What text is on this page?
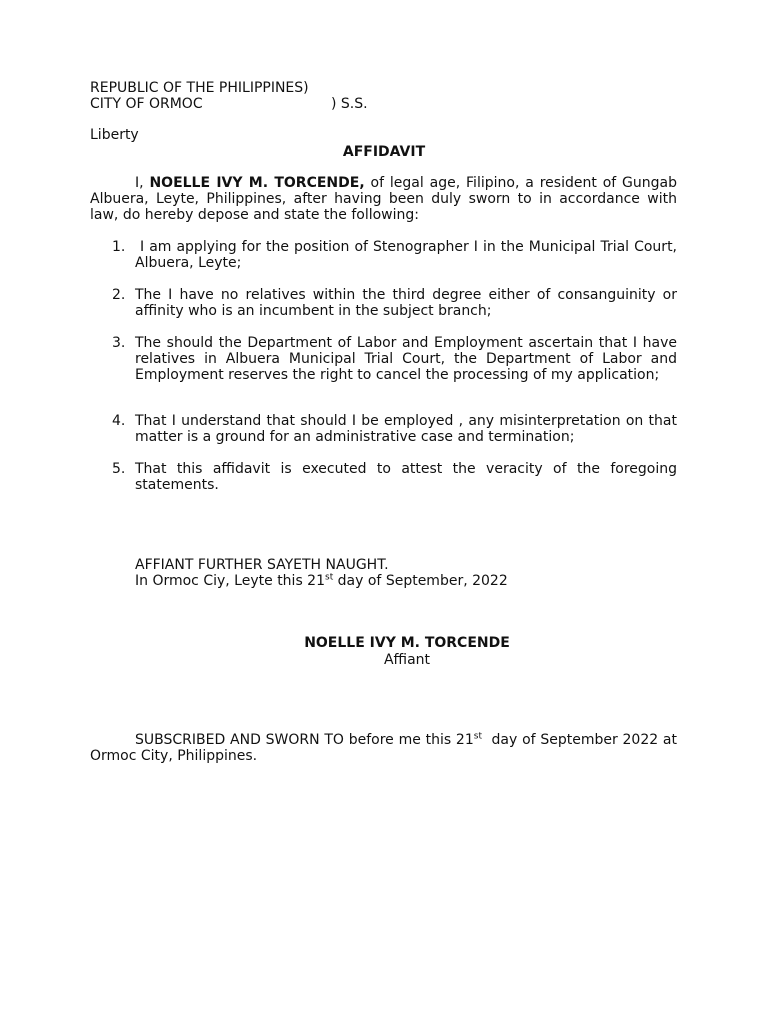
REPUBLIC OF THE PHILIPPINES)
CITY OF ORMOC	) S.S.
Liberty
AFFIDAVIT
I, NOELLE IVY M. TORCENDE, of legal age, Filipino, a resident of Gungab Albuera, Leyte, Philippines, after having been duly sworn to in accordance with law, do hereby depose and state the following:
1. I am applying for the position of Stenographer I in the Municipal Trial Court, Albuera, Leyte;
2. The I have no relatives within the third degree either of consanguinity or affinity who is an incumbent in the subject branch;
3. The should the Department of Labor and Employment ascertain that I have relatives in Albuera Municipal Trial Court, the Department of Labor and Employment reserves the right to cancel the processing of my application;
4. That I understand that should I be employed , any misinterpretation on that matter is a ground for an administrative case and termination;
5. That this affidavit is executed to attest the veracity of the foregoing statements.
AFFIANT FURTHER SAYETH NAUGHT.
In Ormoc Ciy, Leyte this 21st day of September, 2022
NOELLE IVY M. TORCENDE
Affiant
SUBSCRIBED AND SWORN TO before me this 21st  day of September 2022 at Ormoc City, Philippines.
